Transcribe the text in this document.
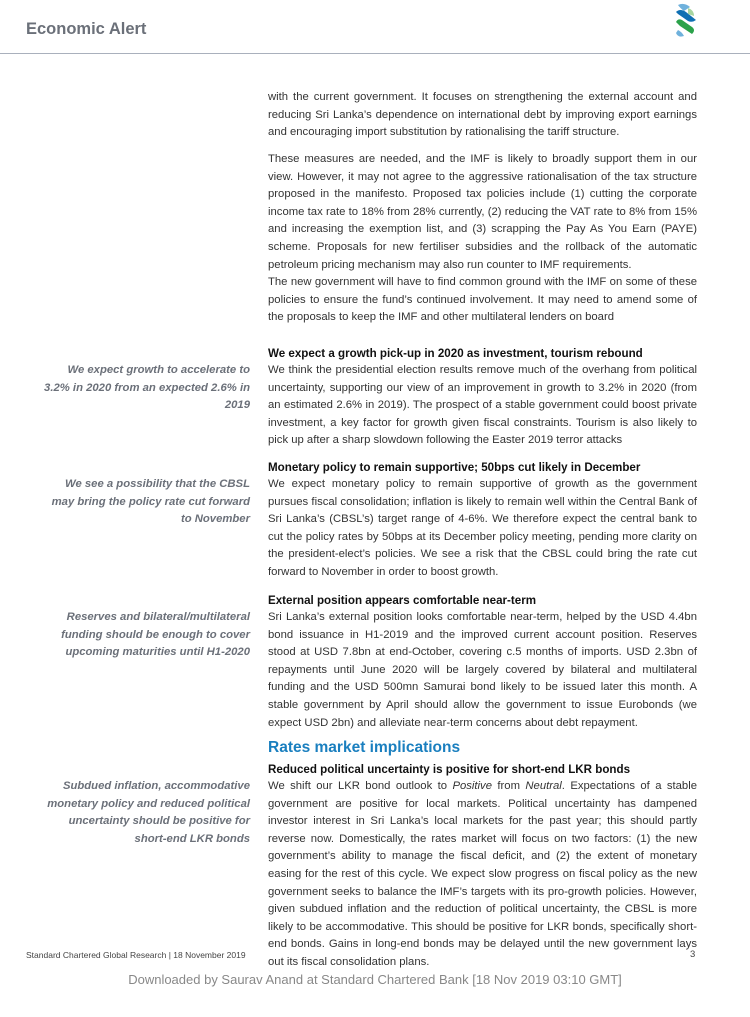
Economic Alert

with the current government. It focuses on strengthening the external account and reducing Sri Lanka’s dependence on international debt by improving export earnings and encouraging import substitution by rationalising the tariff structure.

These measures are needed, and the IMF is likely to broadly support them in our view. However, it may not agree to the aggressive rationalisation of the tax structure proposed in the manifesto. Proposed tax policies include (1) cutting the corporate income tax rate to 18% from 28% currently, (2) reducing the VAT rate to 8% from 15% and increasing the exemption list, and (3) scrapping the Pay As You Earn (PAYE) scheme. Proposals for new fertiliser subsidies and the rollback of the automatic petroleum pricing mechanism may also run counter to IMF requirements.

The new government will have to find common ground with the IMF on some of these policies to ensure the fund’s continued involvement. It may need to amend some of the proposals to keep the IMF and other multilateral lenders on board

We expect a growth pick-up in 2020 as investment, tourism rebound

We expect growth to accelerate to 3.2% in 2020 from an expected 2.6% in 2019

We think the presidential election results remove much of the overhang from political uncertainty, supporting our view of an improvement in growth to 3.2% in 2020 (from an estimated 2.6% in 2019). The prospect of a stable government could boost private investment, a key factor for growth given fiscal constraints. Tourism is also likely to pick up after a sharp slowdown following the Easter 2019 terror attacks

Monetary policy to remain supportive; 50bps cut likely in December

We see a possibility that the CBSL may bring the policy rate cut forward to November

We expect monetary policy to remain supportive of growth as the government pursues fiscal consolidation; inflation is likely to remain well within the Central Bank of Sri Lanka’s (CBSL’s) target range of 4-6%. We therefore expect the central bank to cut the policy rates by 50bps at its December policy meeting, pending more clarity on the president-elect’s policies. We see a risk that the CBSL could bring the rate cut forward to November in order to boost growth.

External position appears comfortable near-term

Reserves and bilateral/multilateral funding should be enough to cover upcoming maturities until H1-2020

Sri Lanka’s external position looks comfortable near-term, helped by the USD 4.4bn bond issuance in H1-2019 and the improved current account position. Reserves stood at USD 7.8bn at end-October, covering c.5 months of imports. USD 2.3bn of repayments until June 2020 will be largely covered by bilateral and multilateral funding and the USD 500mn Samurai bond likely to be issued later this month. A stable government by April should allow the government to issue Eurobonds (we expect USD 2bn) and alleviate near-term concerns about debt repayment.

Rates market implications
Reduced political uncertainty is positive for short-end LKR bonds

Subdued inflation, accommodative monetary policy and reduced political uncertainty should be positive for short-end LKR bonds

We shift our LKR bond outlook to Positive from Neutral. Expectations of a stable government are positive for local markets. Political uncertainty has dampened investor interest in Sri Lanka’s local markets for the past year; this should partly reverse now. Domestically, the rates market will focus on two factors: (1) the new government’s ability to manage the fiscal deficit, and (2) the extent of monetary easing for the rest of this cycle. We expect slow progress on fiscal policy as the new government seeks to balance the IMF’s targets with its pro-growth policies. However, given subdued inflation and the reduction of political uncertainty, the CBSL is more likely to be accommodative. This should be positive for LKR bonds, specifically short-end bonds. Gains in long-end bonds may be delayed until the new government lays out its fiscal consolidation plans.

Standard Chartered Global Research | 18 November 2019	3
Downloaded by Saurav Anand at Standard Chartered Bank [18 Nov 2019 03:10 GMT]
